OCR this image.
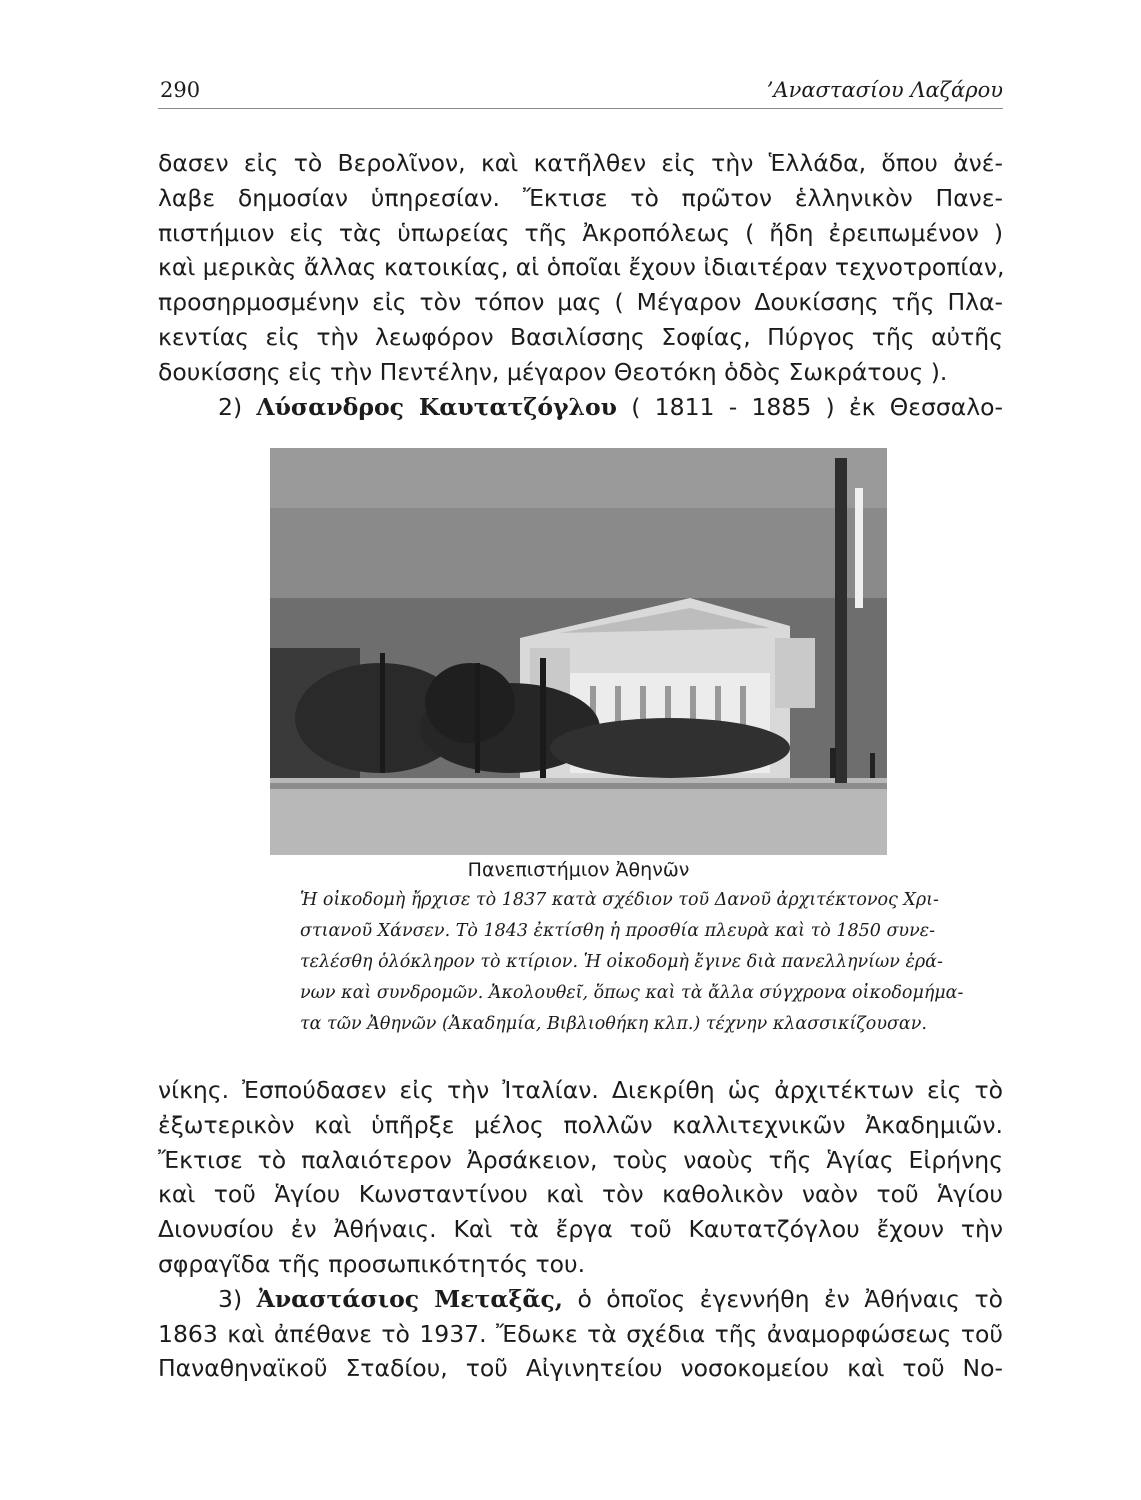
290	’Αναστασίου Λαζάρου
δασεν εἰς τὸ Βερολῖνον, καὶ κατῆλθεν εἰς τὴν Ἑλλάδα, ὅπου ἀνέ-
λαβε δημοσίαν ὑπηρεσίαν. Ἔκτισε τὸ πρῶτον ἑλληνικὸν Πανε-
πιστήμιον εἰς τὰς ὑπωρείας τῆς Ἀκροπόλεως ( ἤδη ἐρειπωμένον )
καὶ μερικὰς ἄλλας κατοικίας, αἱ ὁποῖαι ἔχουν ἰδιαιτέραν τεχνοτροπίαν,
προσηρμοσμένην εἰς τὸν τόπον μας ( Μέγαρον Δουκίσσης τῆς Πλα-
κεντίας εἰς τὴν λεωφόρον Βασιλίσσης Σοφίας, Πύργος τῆς αὐτῆς
δουκίσσης εἰς τὴν Πεντέλην, μέγαρον Θεοτόκη ὁδὸς Σωκράτους ).
2) Λύσανδρος Καυτατζόγλου ( 1811 - 1885 ) ἐκ Θεσσαλο-
Πανεπιστήμιον Ἀθηνῶν
Ἡ οἰκοδομὴ ἤρχισε τὸ 1837 κατὰ σχέδιον τοῦ Δανοῦ ἀρχιτέκτονος Χρι-
στιανοῦ Χάνσεν. Τὸ 1843 ἐκτίσθη ἡ προσθία πλευρὰ καὶ τὸ 1850 συνε-
τελέσθη ὁλόκληρον τὸ κτίριον. Ἡ οἰκοδομὴ ἔγινε διὰ πανελληνίων ἐρά-
νων καὶ συνδρομῶν. Ἀκολουθεῖ, ὅπως καὶ τὰ ἄλλα σύγχρονα οἰκοδομήμα-
τα τῶν Ἀθηνῶν (Ἀκαδημία, Βιβλιοθήκη κλπ.) τέχνην κλασσικίζουσαν.
νίκης. Ἐσπούδασεν εἰς τὴν Ἰταλίαν. Διεκρίθη ὡς ἀρχιτέκτων εἰς τὸ
ἐξωτερικὸν καὶ ὑπῆρξε μέλος πολλῶν καλλιτεχνικῶν Ἀκαδημιῶν.
Ἔκτισε τὸ παλαιότερον Ἀρσάκειον, τοὺς ναοὺς τῆς Ἁγίας Εἰρήνης
καὶ τοῦ Ἁγίου Κωνσταντίνου καὶ τὸν καθολικὸν ναὸν τοῦ Ἁγίου
Διονυσίου ἐν Ἀθήναις. Καὶ τὰ ἔργα τοῦ Καυτατζόγλου ἔχουν τὴν
σφραγῖδα τῆς προσωπικότητός του.
3) Ἀναστάσιος Μεταξᾶς, ὁ ὁποῖος ἐγεννήθη ἐν Ἀθήναις τὸ
1863 καὶ ἀπέθανε τὸ 1937. Ἔδωκε τὰ σχέδια τῆς ἀναμορφώσεως τοῦ
Παναθηναϊκοῦ Σταδίου, τοῦ Αἰγινητείου νοσοκομείου καὶ τοῦ Νο-
